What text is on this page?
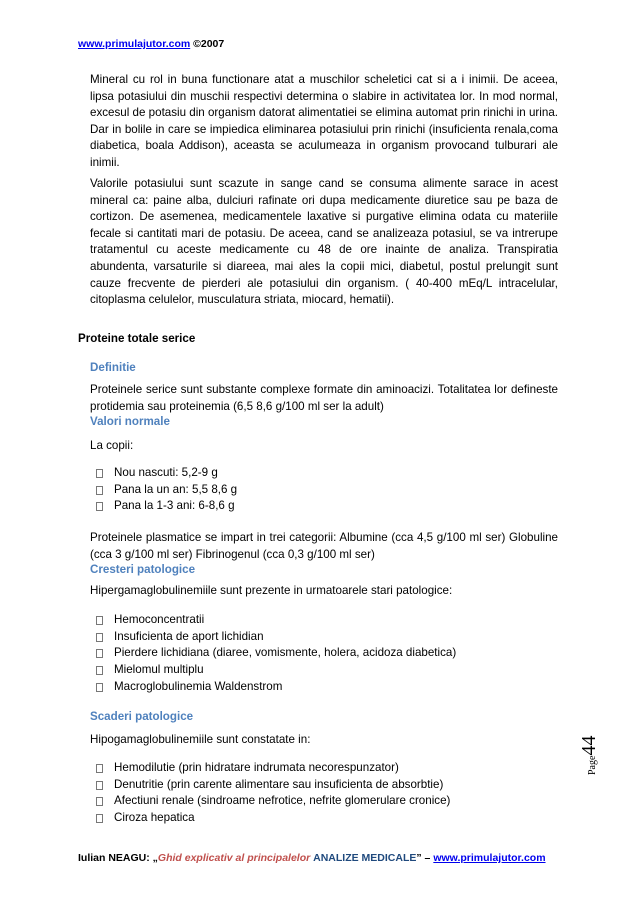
www.primulajutor.com ©2007
Mineral cu rol in buna functionare atat a muschilor scheletici cat si a i inimii. De aceea, lipsa potasiului din muschii respectivi determina o slabire in activitatea lor. In mod normal, excesul de potasiu din organism datorat alimentatiei se elimina automat prin rinichi in urina. Dar in bolile in care se impiedica eliminarea potasiului prin rinichi (insuficienta renala,coma diabetica, boala Addison), aceasta se aculumeaza in organism provocand tulburari ale inimii.
Valorile potasiului sunt scazute in sange cand se consuma alimente sarace in acest mineral ca: paine alba, dulciuri rafinate ori dupa medicamente diuretice sau pe baza de cortizon. De asemenea, medicamentele laxative si purgative elimina odata cu materiile fecale si cantitati mari de potasiu. De aceea, cand se analizeaza potasiul, se va intrerupe tratamentul cu aceste medicamente cu 48 de ore inainte de analiza. Transpiratia abundenta, varsaturile si diareea, mai ales la copii mici, diabetul, postul prelungit sunt cauze frecvente de pierderi ale potasiului din organism. ( 40-400 mEq/L intracelular, citoplasma celulelor, musculatura striata, miocard, hematii).
Proteine totale serice
Definitie
Proteinele serice sunt substante complexe formate din aminoacizi. Totalitatea lor defineste protidemia sau proteinemia (6,5 8,6 g/100 ml ser la adult)
Valori normale
La copii:
Nou nascuti: 5,2-9 g
Pana la un an: 5,5 8,6 g
Pana la 1-3 ani: 6-8,6 g
Proteinele plasmatice se impart in trei categorii: Albumine (cca 4,5 g/100 ml ser) Globuline (cca 3 g/100 ml ser) Fibrinogenul (cca 0,3 g/100 ml ser)
Cresteri patologice
Hipergamaglobulinemiile sunt prezente in urmatoarele stari patologice:
Hemoconcentratii
Insuficienta de aport lichidian
Pierdere lichidiana (diaree, vomismente, holera, acidoza diabetica)
Mielomul multiplu
Macroglobulinemia Waldenstrom
Scaderi patologice
Hipogamaglobulinemiile sunt constatate in:
Hemodilutie (prin hidratare indrumata necorespunzator)
Denutritie (prin carente alimentare sau insuficienta de absorbtie)
Afectiuni renale (sindroame nefrotice, nefrite glomerulare cronice)
Ciroza hepatica
Page44
Iulian NEAGU: „Ghid explicativ al principalelor ANALIZE MEDICALE” – www.primulajutor.com
